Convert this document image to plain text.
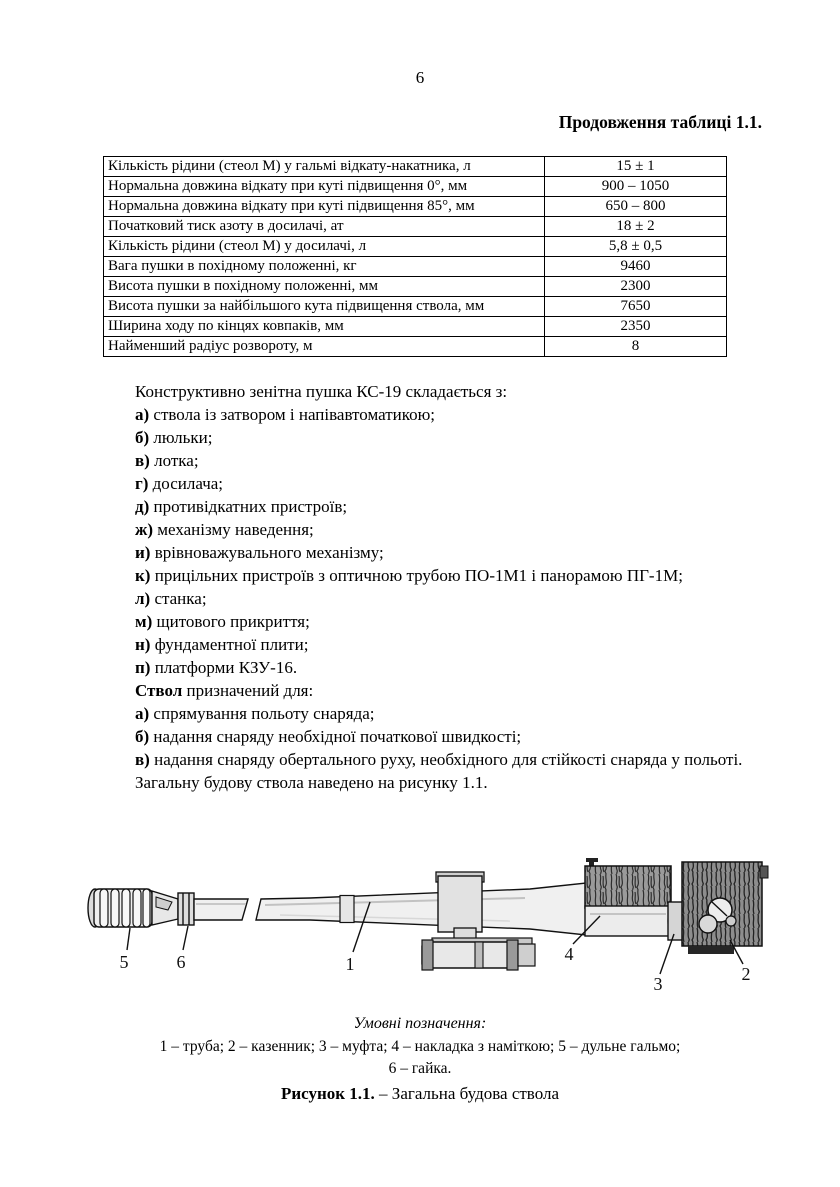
6
Продовження таблиці 1.1.
Кількість рідини (стеол М) у гальмі відкату-накатника, л	15 ± 1
Нормальна довжина відкату при куті підвищення 0°, мм	900 – 1050
Нормальна довжина відкату при куті підвищення 85°, мм	650 – 800
Початковий тиск азоту в досилачі, ат	18 ± 2
Кількість рідини (стеол М) у досилачі, л	5,8 ± 0,5
Вага пушки в похідному положенні, кг	9460
Висота пушки в похідному положенні, мм	2300
Висота пушки за найбільшого кута підвищення ствола, мм	7650
Ширина ходу по кінцях ковпаків, мм	2350
Найменший радіус розвороту, м	8

Конструктивно зенітна пушка КС-19 складається з:

а) ствола із затвором і напівавтоматикою;
б) люльки;
в) лотка;
г) досилача;
д) противідкатних пристроїв;
ж) механізму наведення;
и) врівноважувального механізму;
к) прицільних пристроїв з оптичною трубою ПО-1М1 і панорамою ПГ-1М;
л) станка;
м) щитового прикриття;
н) фундаментної плити;
п) платформи КЗУ-16.

Ствол призначений для:

а) спрямування польоту снаряда;
б) надання снаряду необхідної початкової швидкості;
в) надання снаряду обертального руху, необхідного для стійкості снаряда у польоті.

Загальну будову ствола наведено на рисунку 1.1.

5	6	1	4
3	2
Умовні позначення:
1 – труба; 2 – казенник; 3 – муфта; 4 – накладка з наміткою; 5 – дульне гальмо;
6 – гайка.
Рисунок 1.1. – Загальна будова ствола
